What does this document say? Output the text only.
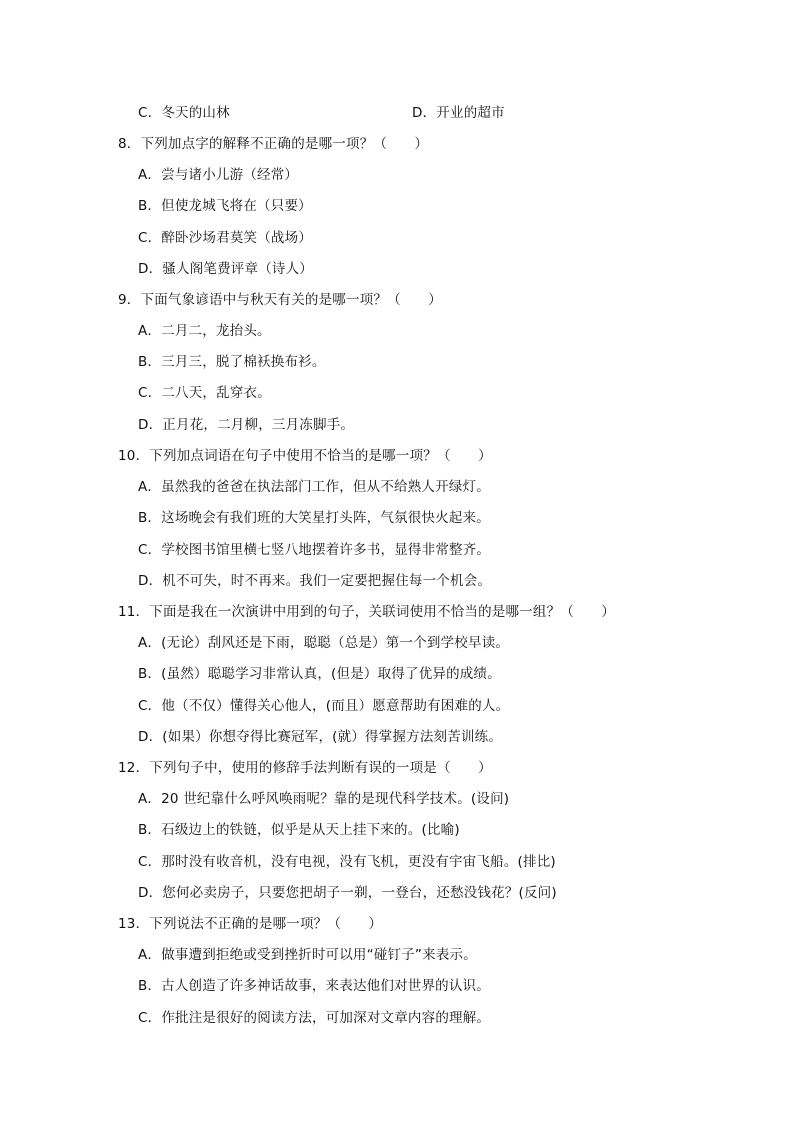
C．冬天的山林	D．开业的超市
8．下列加点字的解释不正确的是哪一项？（　　）
A．尝与诸小儿游（经常）
B．但使龙城飞将在（只要）
C．醉卧沙场君莫笑（战场）
D．骚人阁笔费评章（诗人）
9．下面气象谚语中与秋天有关的是哪一项？（　　）
A．二月二，龙抬头。
B．三月三，脱了棉袄换布衫。
C．二八天，乱穿衣。
D．正月花，二月柳，三月冻脚手。
10．下列加点词语在句子中使用不恰当的是哪一项？（　　）
A．虽然我的爸爸在执法部门工作，但从不给熟人开绿灯。
B．这场晚会有我们班的大笑星打头阵，气氛很快火起来。
C．学校图书馆里横七竖八地摆着许多书，显得非常整齐。
D．机不可失，时不再来。我们一定要把握住每一个机会。
11．下面是我在一次演讲中用到的句子，关联词使用不恰当的是哪一组？（　　）
A．(无论）刮风还是下雨，聪聪（总是）第一个到学校早读。
B．(虽然）聪聪学习非常认真，(但是）取得了优异的成绩。
C．他（不仅）懂得关心他人，(而且）愿意帮助有困难的人。
D．(如果）你想夺得比赛冠军，(就）得掌握方法刻苦训练。
12．下列句子中，使用的修辞手法判断有误的一项是（　　）
A．20 世纪靠什么呼风唤雨呢？靠的是现代科学技术。(设问)
B．石级边上的铁链，似乎是从天上挂下来的。(比喻)
C．那时没有收音机，没有电视，没有飞机，更没有宇宙飞船。(排比)
D．您何必卖房子，只要您把胡子一剃，一登台，还愁没钱花？(反问)
13．下列说法不正确的是哪一项？（　　）
A．做事遭到拒绝或受到挫折时可以用“碰钉子”来表示。
B．古人创造了许多神话故事，来表达他们对世界的认识。
C．作批注是很好的阅读方法，可加深对文章内容的理解。
